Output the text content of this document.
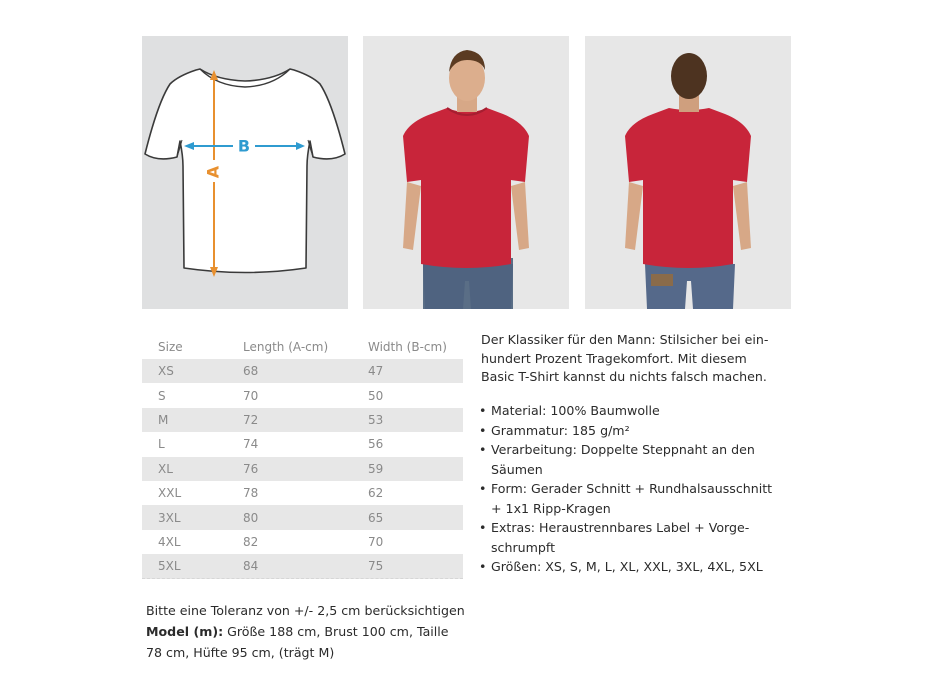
A
B
Size	Length (A-cm)	Width (B-cm)
XS	68	47
S	70	50
M	72	53
L	74	56
XL	76	59
XXL	78	62
3XL	80	65
4XL	82	70
5XL	84	75

Der Klassiker für den Mann: Stilsicher bei ein-

hundert Prozent Tragekomfort. Mit diesem

Basic T-Shirt kannst du nichts falsch machen.

• Material: 100% Baumwolle
• Grammatur: 185 g/m²
• Verarbeitung: Doppelte Steppnaht an den
Säumen
• Form: Gerader Schnitt + Rundhalsausschnitt
+ 1x1 Ripp-Kragen
• Extras: Heraustrennbares Label + Vorge-
schrumpft
• Größen: XS, S, M, L, XL, XXL, 3XL, 4XL, 5XL

Bitte eine Toleranz von +/- 2,5 cm berücksichtigen

Model (m): Größe 188 cm, Brust 100 cm, Taille

78 cm, Hüfte 95 cm, (trägt M)
